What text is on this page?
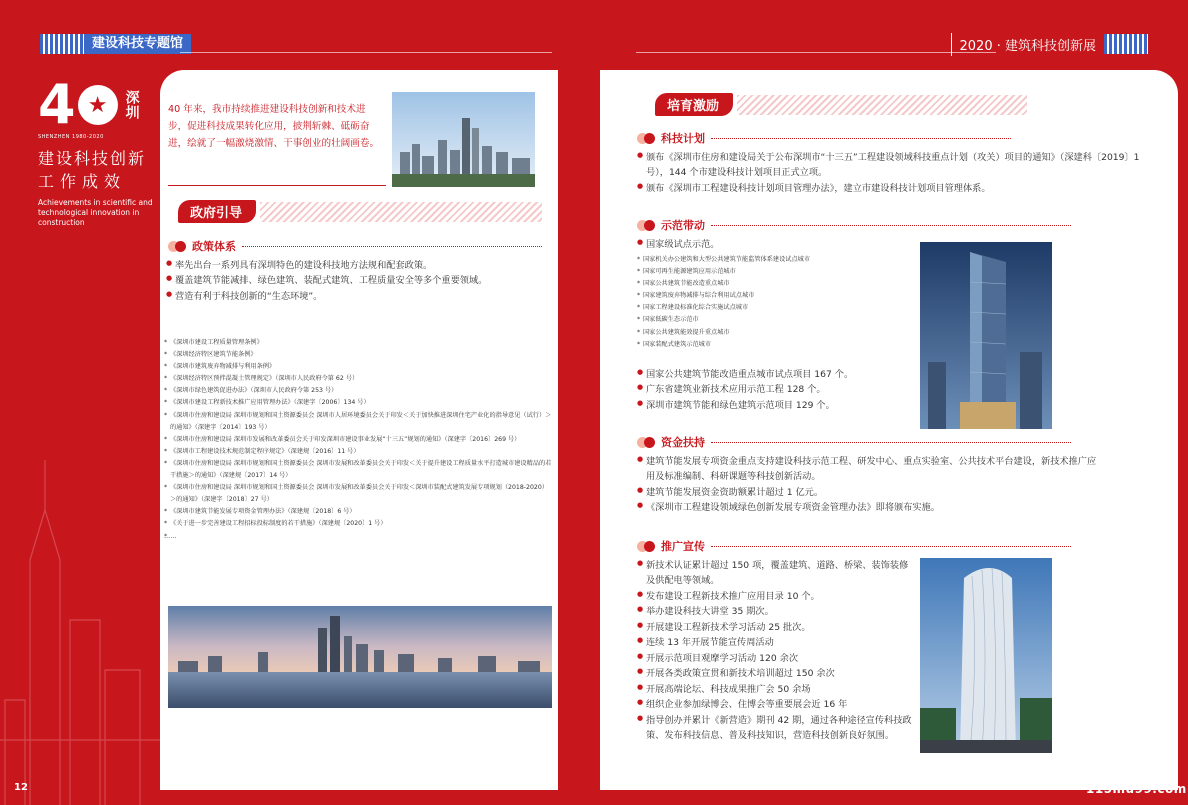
建设科技专题馆	2020 · 建筑科技创新展
4 ★ 深圳
SHENZHEN 1980-2020
建设科技创新
工作成效
Achievements in scientific and technological innovation in construction
40 年来，我市持续推进建设科技创新和技术进步，促进科技成果转化应用，披荆斩棘、砥砺奋进，绘就了一幅激烧激情、干事创业的壮阔画卷。
政府引导
政策体系
● 率先出台一系列具有深圳特色的建设科技地方法规和配套政策。
● 覆盖建筑节能减排、绿色建筑、装配式建筑、工程质量安全等多个重要领域。
● 营造有利于科技创新的“生态环境”。
* 《深圳市建设工程质量管理条例》
* 《深圳经济特区建筑节能条例》
* 《深圳市建筑废弃物减排与利用条例》
* 《深圳经济特区预拌混凝土管理规定》（深圳市人民政府令第 62 号）
* 《深圳市绿色建筑促进办法》（深圳市人民政府令第 253 号）
* 《深圳市建设工程新技术推广应用管理办法》（深建字〔2006〕134 号）
* 《深圳市住房和建设局 深圳市规划和国土资源委员会 深圳市人居环境委员会关于印发＜关于加快推进深圳住宅产业化的指导意见（试行）＞的通知》（深建字〔2014〕193 号）
* 《深圳市住房和建设局 深圳市发展和改革委员会关于印发深圳市建设事业发展“十三五”规划的通知》（深建字〔2016〕269 号）
* 《深圳市工程建设技术规范制定程序规定》（深建规〔2016〕11 号）
* 《深圳市住房和建设局 深圳市规划和国土资源委员会 深圳市发展和改革委员会关于印发＜关于提升建设工程质量水平打造城市建设精品的若干措施＞的通知》（深建规〔2017〕14 号）
* 《深圳市住房和建设局 深圳市规划和国土资源委员会 深圳市发展和改革委员会关于印发＜深圳市装配式建筑发展专项规划（2018-2020）＞的通知》（深建字〔2018〕27 号）
* 《深圳市建筑节能发展专项资金管理办法》（深建规〔2018〕6 号）
* 《关于进一步完善建设工程招标投标制度的若干措施》（深建规〔2020〕1 号）
* ……
培育激励
科技计划
● 颁布《深圳市住房和建设局关于公布深圳市“十三五”工程建设领域科技重点计划（攻关）项目的通知》（深建科〔2019〕1 号），144 个市建设科技计划项目正式立项。
● 颁布《深圳市工程建设科技计划项目管理办法》，建立市建设科技计划项目管理体系。
示范带动
● 国家级试点示范。
* 国家机关办公建筑和大型公共建筑节能监管体系建设试点城市
* 国家可再生能源建筑应用示范城市
* 国家公共建筑节能改造重点城市
* 国家建筑废弃物减排与综合利用试点城市
* 国家工程建设标准化综合实施试点城市
* 国家低碳生态示范市
* 国家公共建筑能效提升重点城市
* 国家装配式建筑示范城市
● 国家公共建筑节能改造重点城市试点项目 167 个。
● 广东省建筑业新技术应用示范工程 128 个。
● 深圳市建筑节能和绿色建筑示范项目 129 个。
资金扶持
● 建筑节能发展专项资金重点支持建设科技示范工程、研发中心、重点实验室、公共技术平台建设，新技术推广应用及标准编制、科研课题等科技创新活动。
● 建筑节能发展资金资助额累计超过 1 亿元。
● 《深圳市工程建设领域绿色创新发展专项资金管理办法》即将颁布实施。
推广宣传
● 新技术认证累计超过 150 项，覆盖建筑、道路、桥梁、装饰装修及供配电等领域。
● 发布建设工程新技术推广应用目录 10 个。
● 举办建设科技大讲堂 35 期次。
● 开展建设工程新技术学习活动 25 批次。
● 连续 13 年开展节能宣传周活动
● 开展示范项目观摩学习活动 120 余次
● 开展各类政策宣贯和新技术培训超过 150 余次
● 开展高端论坛、科技成果推广会 50 余场
● 组织企业参加绿博会、住博会等重要展会近 16 年
● 指导创办并累计《新营造》期刊 42 期，通过各种途径宣传科技政策、发布科技信息、普及科技知识，营造科技创新良好氛围。
12	115mu99.com
